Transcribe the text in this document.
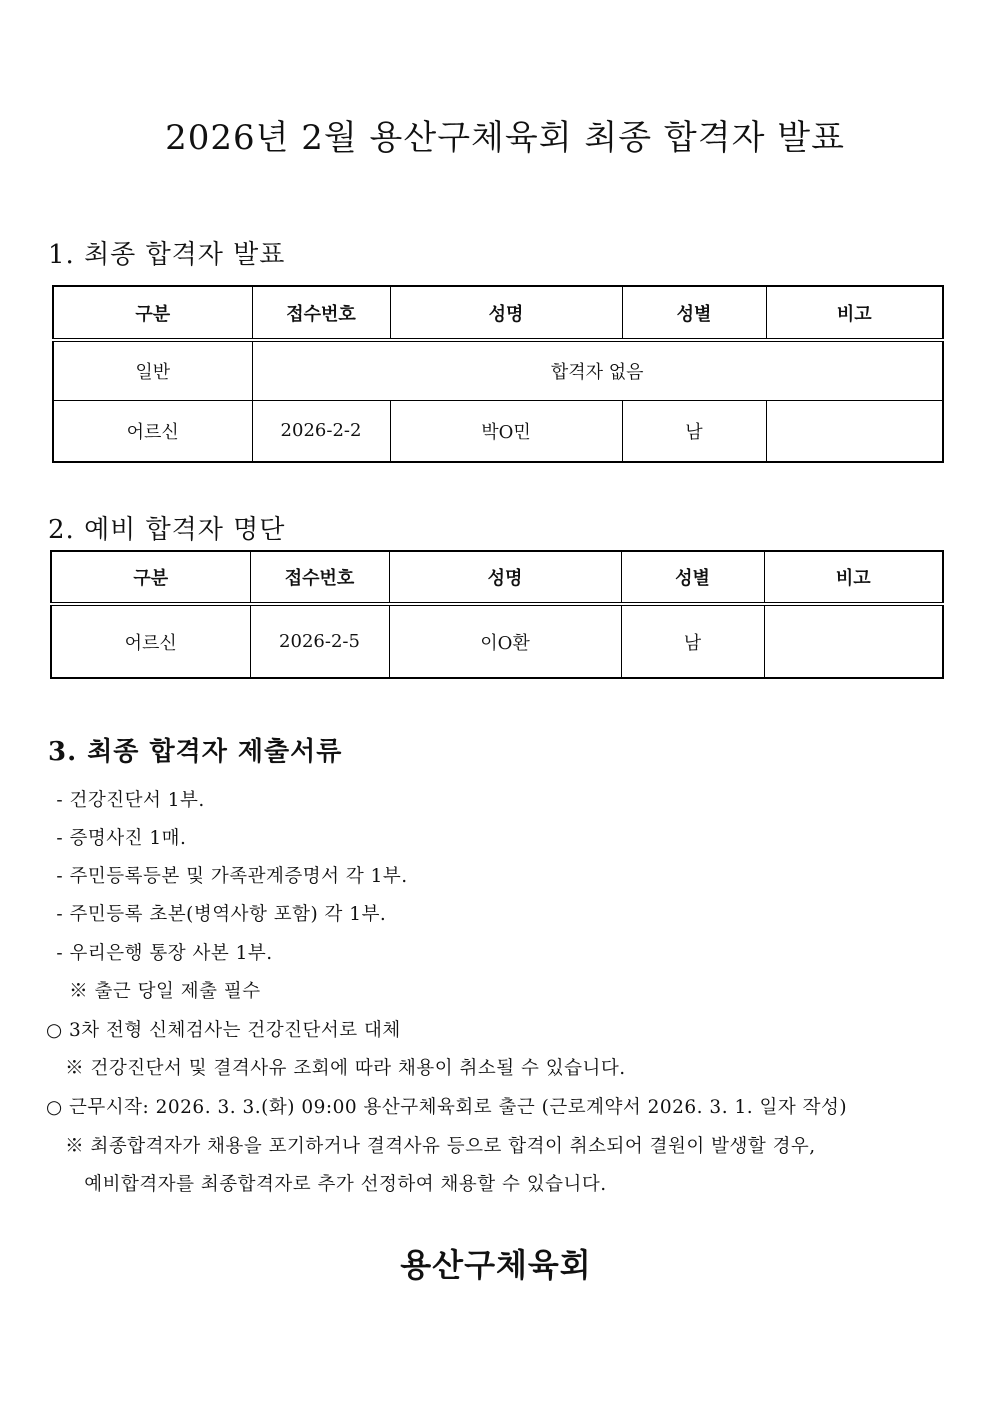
2026년 2월 용산구체육회 최종 합격자 발표
1. 최종 합격자 발표
구분	접수번호	성명	성별	비고
일반	합격자 없음			
어르신	2026-2-2	박O민	남	
2. 예비 합격자 명단
구분	접수번호	성명	성별	비고
어르신	2026-2-5	이O환	남	
3. 최종 합격자 제출서류
- 건강진단서 1부.
- 증명사진 1매.
- 주민등록등본 및 가족관계증명서 각 1부.
- 주민등록 초본(병역사항 포함) 각 1부.
- 우리은행 통장 사본 1부.
※ 출근 당일 제출 필수
○ 3차 전형 신체검사는 건강진단서로 대체
※ 건강진단서 및 결격사유 조회에 따라 채용이 취소될 수 있습니다.
○ 근무시작: 2026. 3. 3.(화) 09:00 용산구체육회로 출근 (근로계약서 2026. 3. 1. 일자 작성)
※ 최종합격자가 채용을 포기하거나 결격사유 등으로 합격이 취소되어 결원이 발생할 경우,
예비합격자를 최종합격자로 추가 선정하여 채용할 수 있습니다.
용산구체육회
